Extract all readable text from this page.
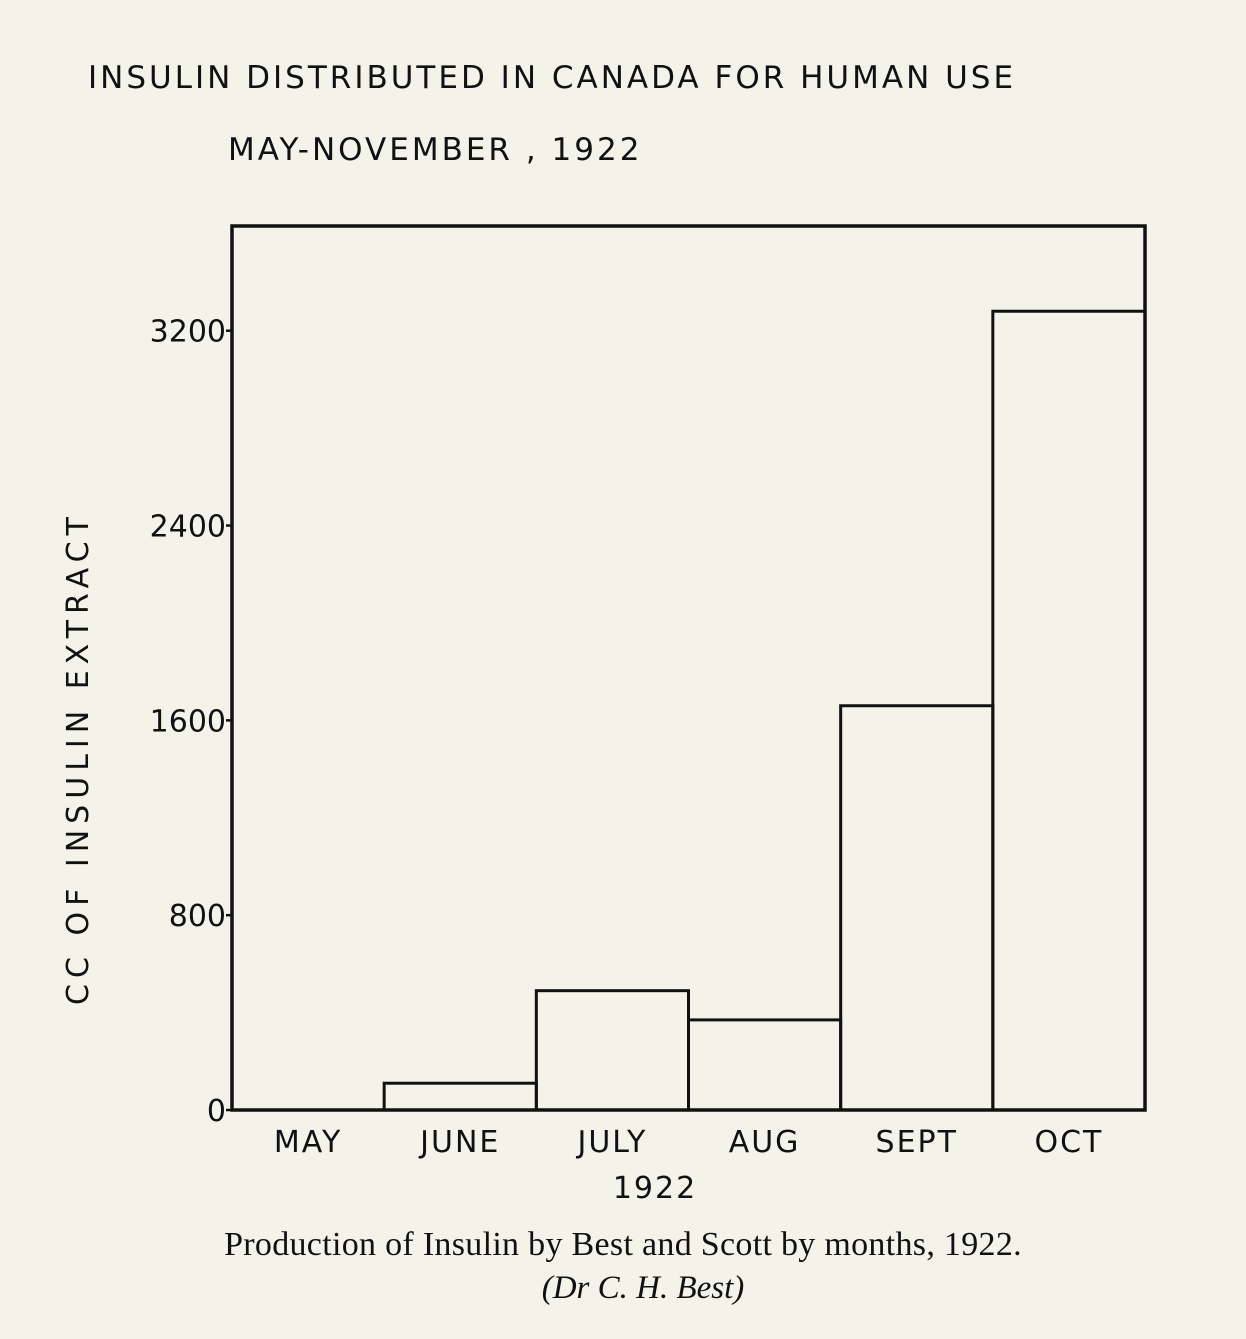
INSULIN DISTRIBUTED IN CANADA FOR HUMAN USE
MAY-NOVEMBER , 1922
CC OF INSULIN EXTRACT
1922
0
800
1600
2400
3200
MAY	JUNE	JULY	AUG	SEPT	OCT

Production of Insulin by Best and Scott by months, 1922.

(Dr C. H. Best)
